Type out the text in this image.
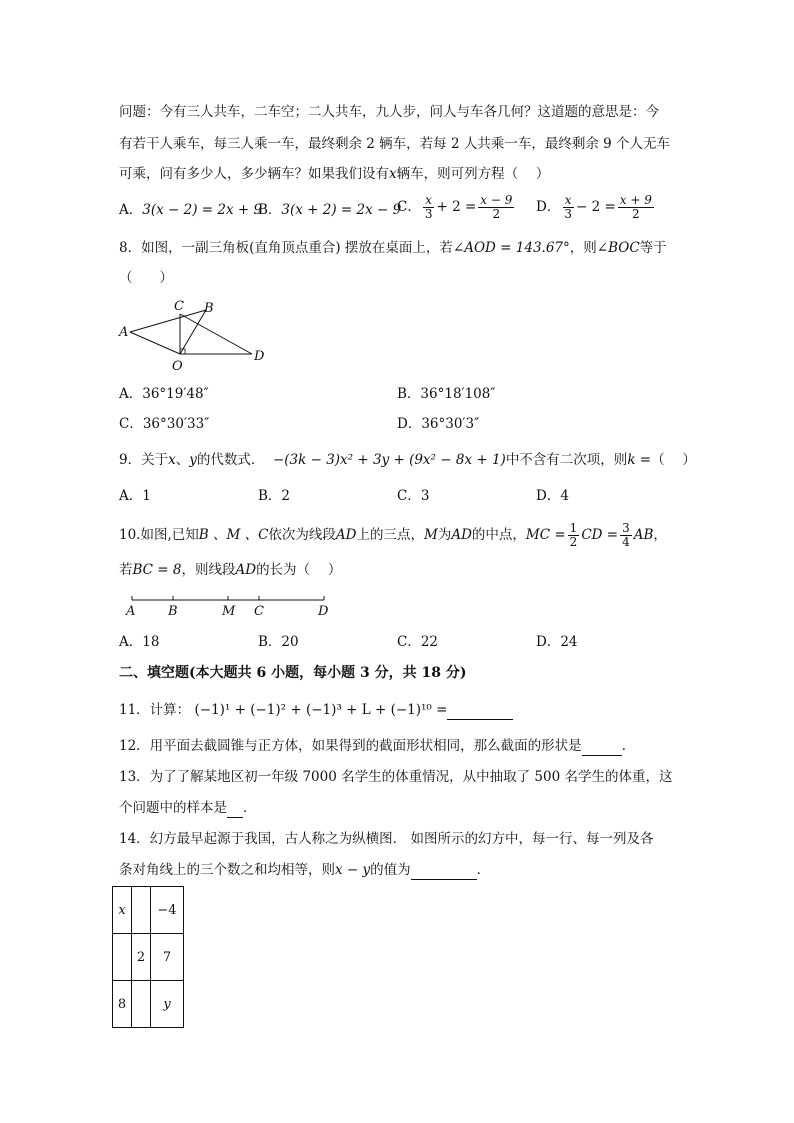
问题：今有三人共车，二车空；二人共车，九人步，问人与车各几何？这道题的意思是：今
有若干人乘车，每三人乘一车，最终剩余 2 辆车，若每 2 人共乘一车，最终剩余 9 个人无车
可乘，问有多少人，多少辆车？如果我们设有x辆车，则可列方程（　 ）
A．3(x − 2) = 2x + 9
B．3(x + 2) = 2x − 9
C． $\frac{x}{3} + 2 = \frac{x - 9}{2}$ D． $\frac{x}{3} - 2 = \frac{x + 9}{2}$
8．如图，一副三角板(直角顶点重合) 摆放在桌面上，若∠AOD = 143.67°，则∠BOC等于
（　　）
A
C B
O
D
A．36°19′48″	B．36°18′108″
C．36°30′33″	D．36°30′3″
9．关于x、y的代数式． −(3k − 3)x² + 3y + (9x² − 8x + 1)中不含有二次项，则k =（　 ）
A．1	B．2	C．3	D．4
10.如图,已知B 、M 、C依次为线段AD上的三点，M为AD的中点，MC = $\frac{1}{2}$ CD = $\frac{3}{4}$ AB，
若BC = 8，则线段AD的长为（　 ）
A	B	M C	D
A．18	B．20	C．22	D．24
二、填空题(本大题共 6 小题，每小题 3 分，共 18 分)
11．计算： (−1)¹ + (−1)² + (−1)³ + L + (−1)¹⁰ =
12．用平面去截圆锥与正方体，如果得到的截面形状相同，那么截面的形状是	．
13．为了了解某地区初一年级 7000 名学生的体重情况，从中抽取了 500 名学生的体重，这
个问题中的样本是 ．
14．幻方最早起源于我国，古人称之为纵横图． 如图所示的幻方中，每一行、每一列及各
条对角线上的三个数之和均相等，则x − y的值为	．
x		−4
	2	7
8		y
